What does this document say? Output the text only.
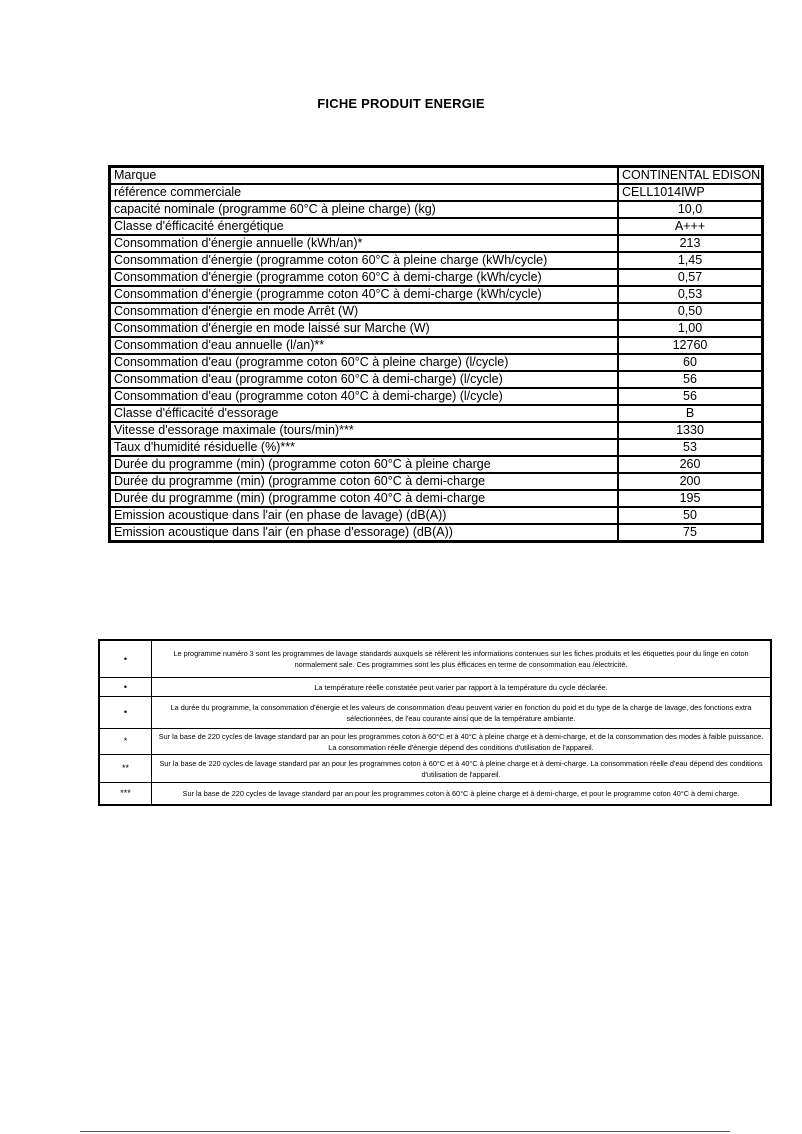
FICHE PRODUIT ENERGIE
Marque	CONTINENTAL EDISON
référence commerciale	CELL1014IWP
capacité nominale (programme 60°C à pleine charge) (kg)	10,0
Classe d'éfficacité énergétique	A+++
Consommation d'énergie annuelle (kWh/an)*	213
Consommation d'énergie (programme coton 60°C à pleine charge (kWh/cycle)	1,45
Consommation d'énergie (programme coton 60°C à demi-charge (kWh/cycle)	0,57
Consommation d'énergie (programme coton 40°C à demi-charge (kWh/cycle)	0,53
Consommation d'énergie en mode Arrêt (W)	0,50
Consommation d'énergie en mode laissé sur Marche (W)	1,00
Consommation d'eau annuelle (l/an)**	12760
Consommation d'eau (programme coton 60°C à pleine charge) (l/cycle)	60
Consommation d'eau (programme coton 60°C à demi-charge) (l/cycle)	56
Consommation d'eau (programme coton 40°C à demi-charge) (l/cycle)	56
Classe d'éfficacité d'essorage	B
Vitesse d'essorage maximale (tours/min)***	1330
Taux d'humidité résiduelle (%)***	53
Durée du programme (min) (programme coton 60°C à pleine charge	260
Durée du programme (min) (programme coton 60°C à demi-charge	200
Durée du programme (min) (programme coton 40°C à demi-charge	195
Emission acoustique dans l'air (en phase de lavage) (dB(A))	50
Emission acoustique dans l'air (en phase d'essorage) (dB(A))	75
•	Le programme numéro 3 sont les programmes de lavage standards auxquels se réfèrent les informations contenues sur les fiches produits et les étiquettes pour du linge en coton normalement sale. Ces programmes sont les plus éfficaces en terme de consommation eau /électricité.
•	La température réelle constatée peut varier par rapport à la température du cycle déclarée.
•	La durée du programme, la consommation d'énergie et les valeurs de consommation d'eau peuvent varier en fonction du poid et du type de la charge de lavage, des fonctions extra sélectionnées, de l'eau courante ainsi que de la température ambiante.
*	Sur la base de 220 cycles de lavage standard par an pour les programmes coton à 60°C et à 40°C à pleine charge et à demi-charge, et de la consommation des modes à faible puissance. La consommation réelle d'énergie dépend des conditions d'utilisation de l'appareil.
**	Sur la base de 220 cycles de lavage standard par an pour les programmes coton à 60°C et à 40°C à pleine charge et à demi-charge. La consommation réelle d'eau dépend des conditions d'utilisation de l'appareil.
***	Sur la base de 220 cycles de lavage standard par an pour les programmes coton à 60°C à pleine charge et à demi-charge, et pour le programme coton 40°C à demi charge.
